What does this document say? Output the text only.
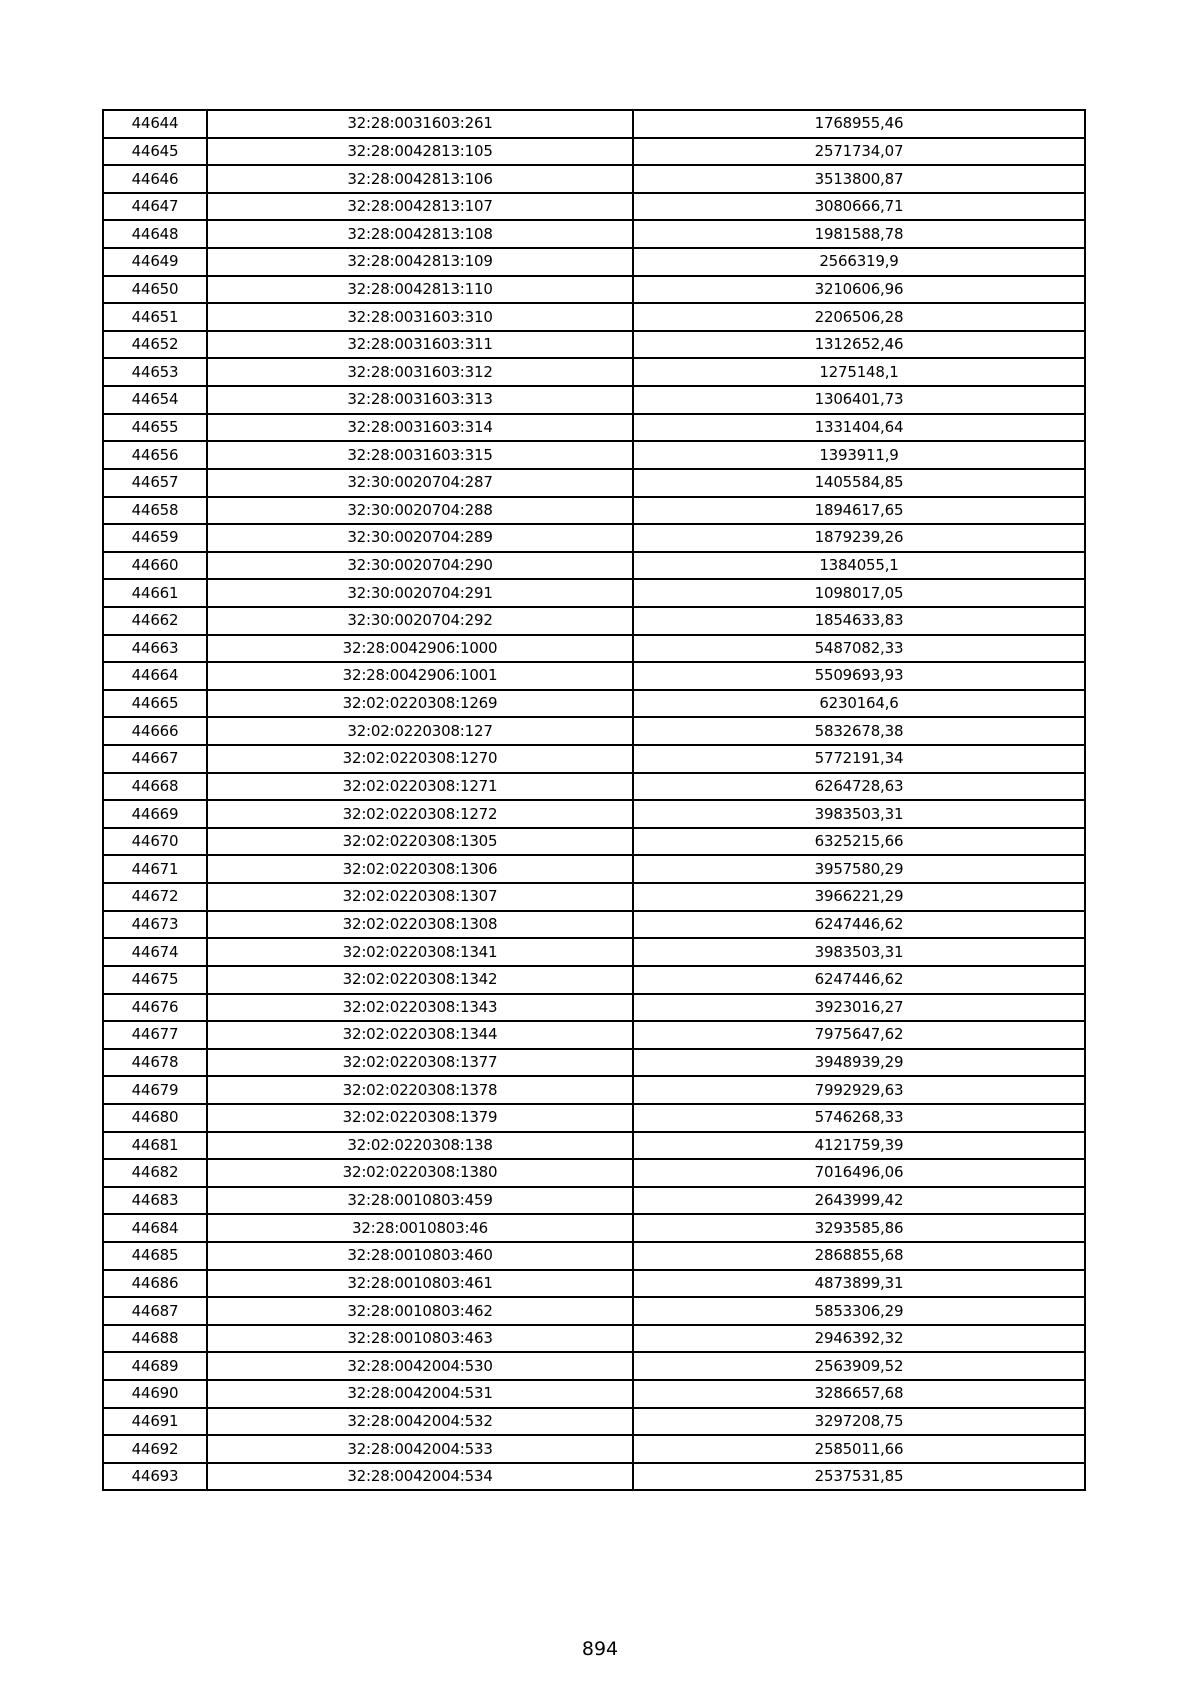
44644	32:28:0031603:261	1768955,46
44645	32:28:0042813:105	2571734,07
44646	32:28:0042813:106	3513800,87
44647	32:28:0042813:107	3080666,71
44648	32:28:0042813:108	1981588,78
44649	32:28:0042813:109	2566319,9
44650	32:28:0042813:110	3210606,96
44651	32:28:0031603:310	2206506,28
44652	32:28:0031603:311	1312652,46
44653	32:28:0031603:312	1275148,1
44654	32:28:0031603:313	1306401,73
44655	32:28:0031603:314	1331404,64
44656	32:28:0031603:315	1393911,9
44657	32:30:0020704:287	1405584,85
44658	32:30:0020704:288	1894617,65
44659	32:30:0020704:289	1879239,26
44660	32:30:0020704:290	1384055,1
44661	32:30:0020704:291	1098017,05
44662	32:30:0020704:292	1854633,83
44663	32:28:0042906:1000	5487082,33
44664	32:28:0042906:1001	5509693,93
44665	32:02:0220308:1269	6230164,6
44666	32:02:0220308:127	5832678,38
44667	32:02:0220308:1270	5772191,34
44668	32:02:0220308:1271	6264728,63
44669	32:02:0220308:1272	3983503,31
44670	32:02:0220308:1305	6325215,66
44671	32:02:0220308:1306	3957580,29
44672	32:02:0220308:1307	3966221,29
44673	32:02:0220308:1308	6247446,62
44674	32:02:0220308:1341	3983503,31
44675	32:02:0220308:1342	6247446,62
44676	32:02:0220308:1343	3923016,27
44677	32:02:0220308:1344	7975647,62
44678	32:02:0220308:1377	3948939,29
44679	32:02:0220308:1378	7992929,63
44680	32:02:0220308:1379	5746268,33
44681	32:02:0220308:138	4121759,39
44682	32:02:0220308:1380	7016496,06
44683	32:28:0010803:459	2643999,42
44684	32:28:0010803:46	3293585,86
44685	32:28:0010803:460	2868855,68
44686	32:28:0010803:461	4873899,31
44687	32:28:0010803:462	5853306,29
44688	32:28:0010803:463	2946392,32
44689	32:28:0042004:530	2563909,52
44690	32:28:0042004:531	3286657,68
44691	32:28:0042004:532	3297208,75
44692	32:28:0042004:533	2585011,66
44693	32:28:0042004:534	2537531,85
894
